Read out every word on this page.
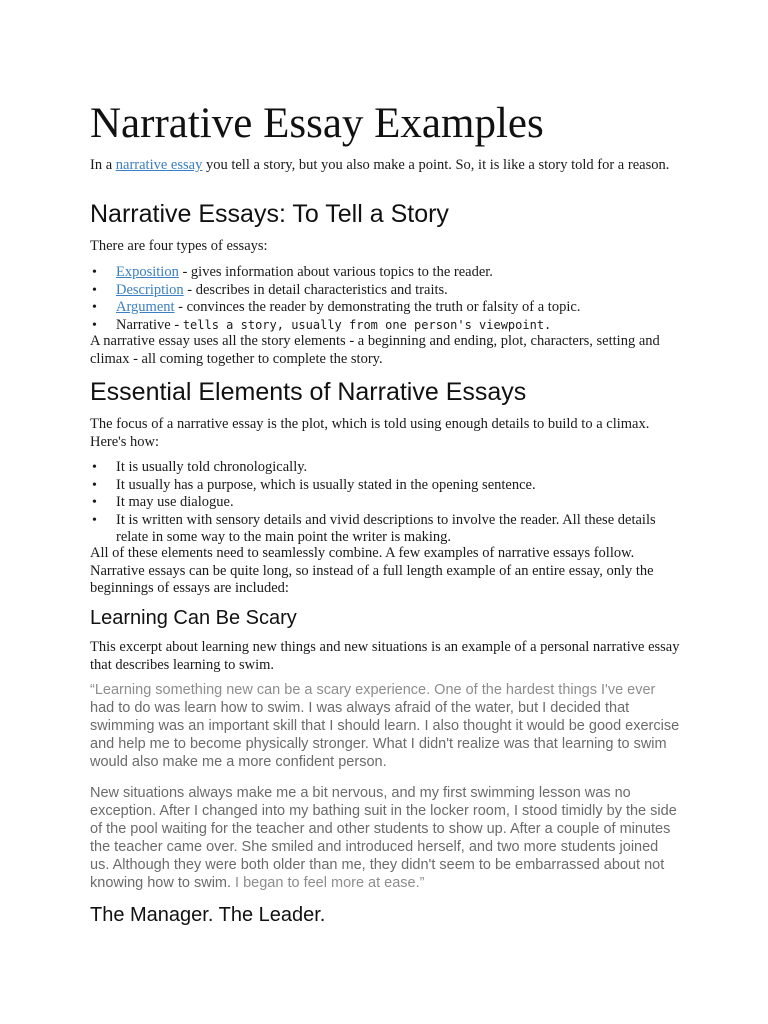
Narrative Essay Examples
In a narrative essay you tell a story, but you also make a point. So, it is like a story told for a reason.
Narrative Essays: To Tell a Story

There are four types of essays:

• Exposition - gives information about various topics to the reader.
• Description - describes in detail characteristics and traits.
• Argument - convinces the reader by demonstrating the truth or falsity of a topic.
• Narrative - tells a story, usually from one person's viewpoint.

A narrative essay uses all the story elements - a beginning and ending, plot, characters, setting and climax - all coming together to complete the story.

Essential Elements of Narrative Essays

The focus of a narrative essay is the plot, which is told using enough details to build to a climax. Here's how:

• It is usually told chronologically.
• It usually has a purpose, which is usually stated in the opening sentence.
• It may use dialogue.
• It is written with sensory details and vivid descriptions to involve the reader. All these details relate in some way to the main point the writer is making.

All of these elements need to seamlessly combine. A few examples of narrative essays follow. Narrative essays can be quite long, so instead of a full length example of an entire essay, only the beginnings of essays are included:

Learning Can Be Scary

This excerpt about learning new things and new situations is an example of a personal narrative essay that describes learning to swim.

“Learning something new can be a scary experience. One of the hardest things I've ever had to do was learn how to swim. I was always afraid of the water, but I decided that swimming was an important skill that I should learn. I also thought it would be good exercise and help me to become physically stronger. What I didn't realize was that learning to swim would also make me a more confident person.

New situations always make me a bit nervous, and my first swimming lesson was no exception. After I changed into my bathing suit in the locker room, I stood timidly by the side of the pool waiting for the teacher and other students to show up. After a couple of minutes the teacher came over. She smiled and introduced herself, and two more students joined us. Although they were both older than me, they didn't seem to be embarrassed about not knowing how to swim. I began to feel more at ease.”

The Manager. The Leader.
